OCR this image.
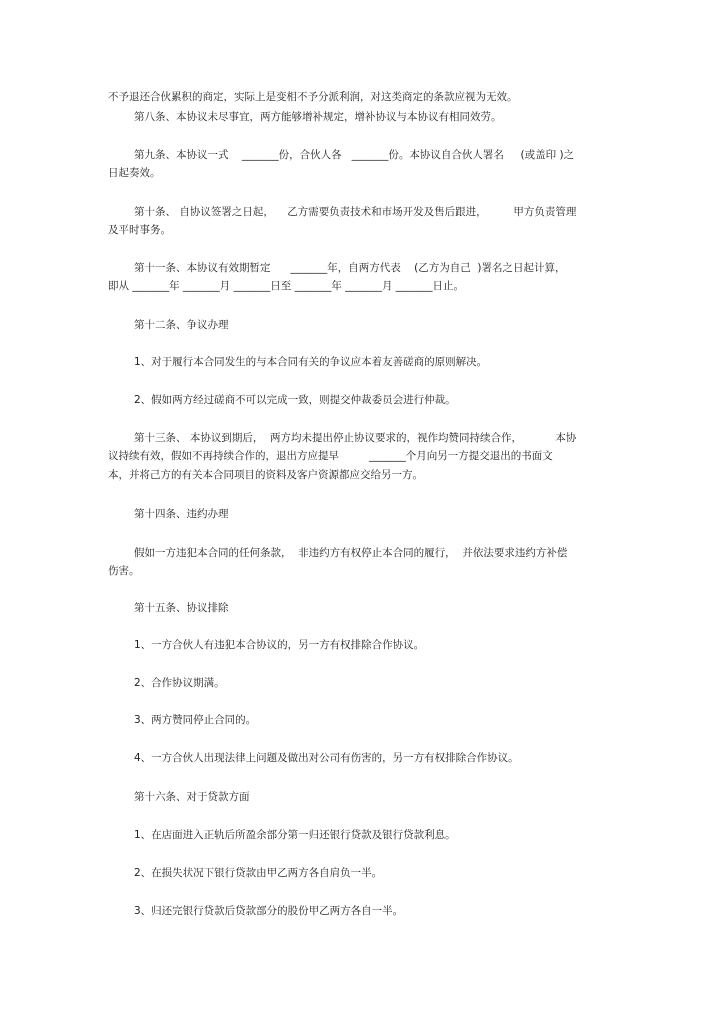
不予退还合伙累积的商定，实际上是变相不予分派利润，对这类商定的条款应视为无效。
第八条、本协议未尽事宜，两方能够增补规定，增补协议与本协议有相同效劳。
第九条、本协议一式    _______份，合伙人各   _______份。本协议自合伙人署名     (或盖印 )之
日起奏效。
第十条、 自协议签署之日起，    乙方需要负责技术和市场开发及售后跟进，        甲方负责管理
及平时事务。
第十一条、本协议有效期暂定      _______年，自两方代表    (乙方为自己  )署名之日起计算，
即从 _______年 _______月 _______日至 _______年 _______月 _______日止。
第十二条、争议办理
1、对于履行本合同发生的与本合同有关的争议应本着友善磋商的原则解决。
2、假如两方经过磋商不可以完成一致，则提交仲裁委员会进行仲裁。
第十三条、 本协议到期后，  两方均未提出停止协议要求的，视作均赞同持续合作，          本协
议持续有效，假如不再持续合作的，退出方应提早         _______个月向另一方提交退出的书面文
本，并将己方的有关本合同项目的资料及客户资源都应交给另一方。
第十四条、违约办理
假如一方违犯本合同的任何条款，  非违约方有权停止本合同的履行，  并依法要求违约方补偿
伤害。
第十五条、协议排除
1、一方合伙人有违犯本合协议的，另一方有权排除合作协议。
2、合作协议期满。
3、两方赞同停止合同的。
4、一方合伙人出现法律上问题及做出对公司有伤害的，另一方有权排除合作协议。
第十六条、对于贷款方面
1、在店面进入正轨后所盈余部分第一归还银行贷款及银行贷款利息。
2、在损失状况下银行贷款由甲乙两方各自肩负一半。
3、归还完银行贷款后贷款部分的股份甲乙两方各自一半。
